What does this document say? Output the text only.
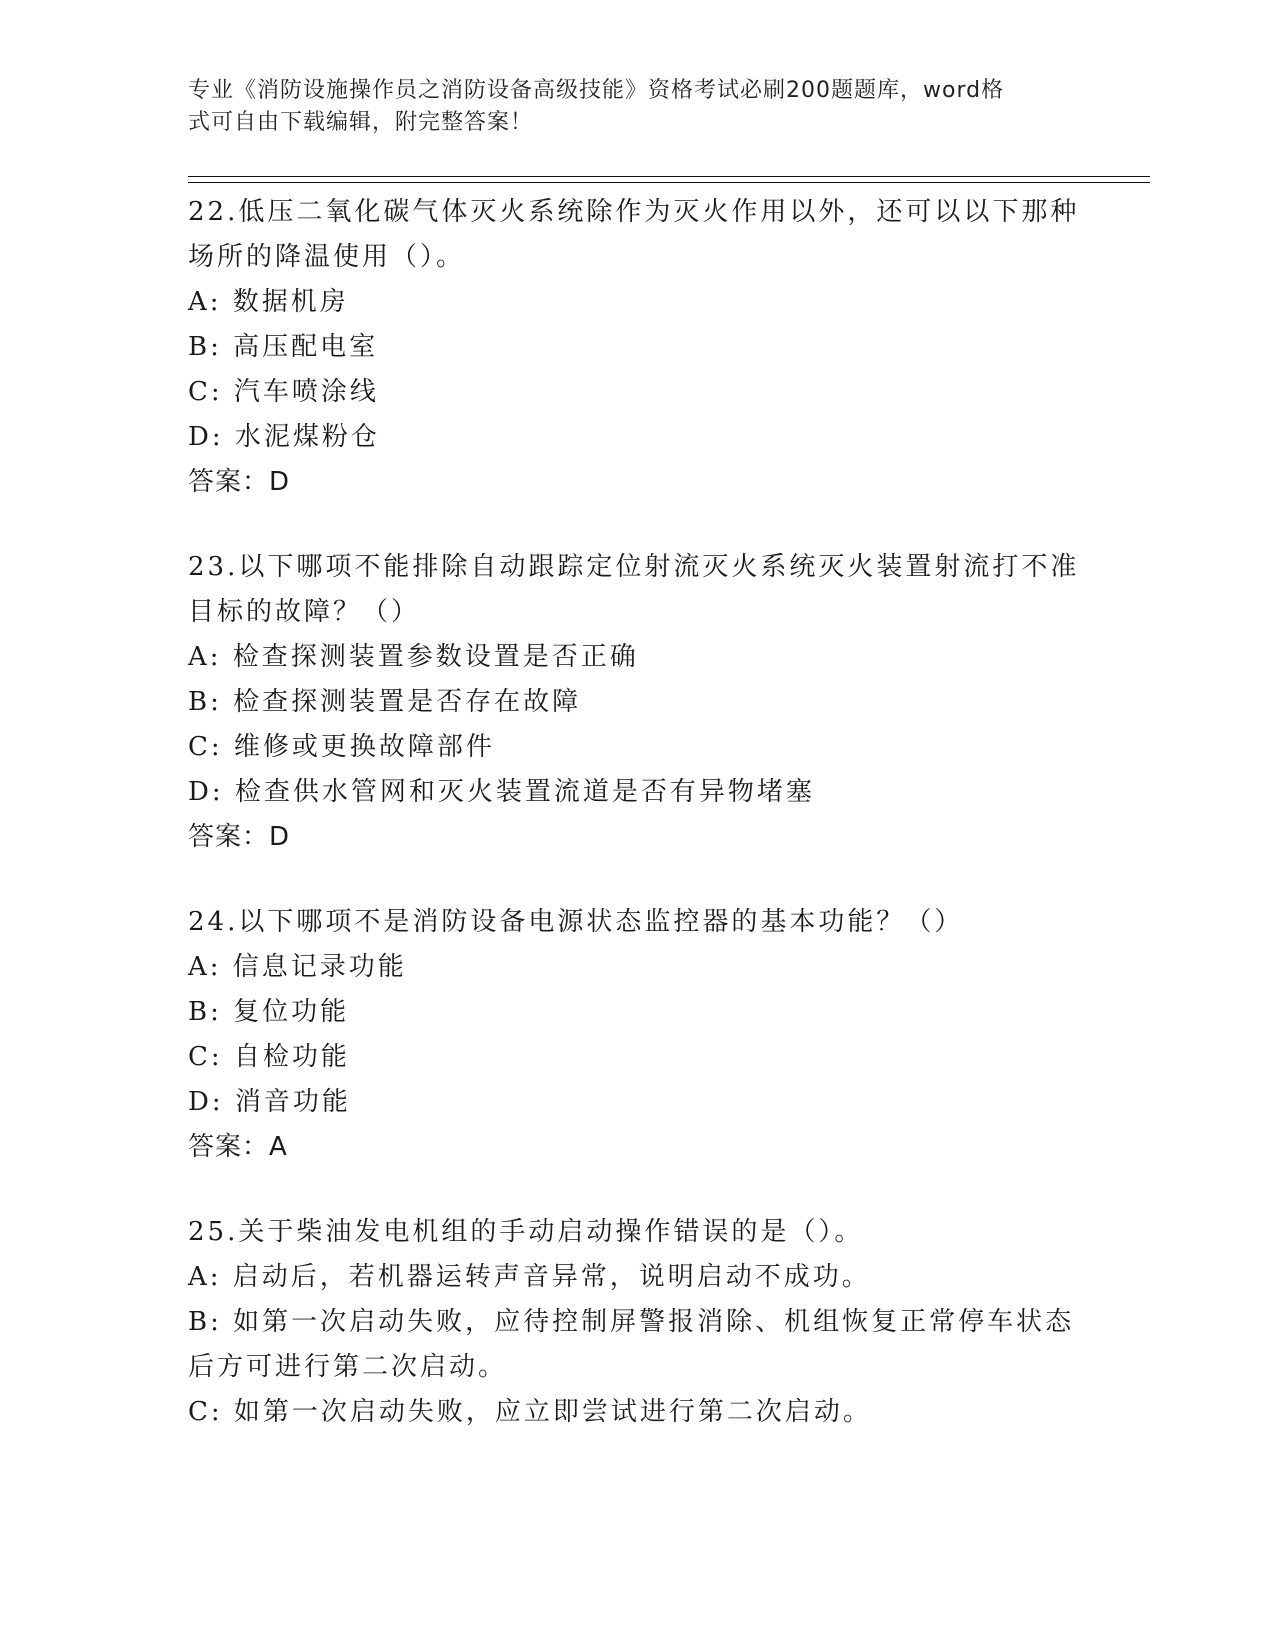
专业《消防设施操作员之消防设备高级技能》资格考试必刷200题题库，word格
式可自由下载编辑，附完整答案！

22.低压二氧化碳气体灭火系统除作为灭火作用以外，还可以以下那种

场所的降温使用（）。

A: 数据机房

B: 高压配电室

C: 汽车喷涂线

D: 水泥煤粉仓

答案：D

23.以下哪项不能排除自动跟踪定位射流灭火系统灭火装置射流打不准

目标的故障？（）

A: 检查探测装置参数设置是否正确

B: 检查探测装置是否存在故障

C: 维修或更换故障部件

D: 检查供水管网和灭火装置流道是否有异物堵塞

答案：D

24.以下哪项不是消防设备电源状态监控器的基本功能？（）

A: 信息记录功能

B: 复位功能

C: 自检功能

D: 消音功能

答案：A

25.关于柴油发电机组的手动启动操作错误的是（）。

A: 启动后，若机器运转声音异常，说明启动不成功。

B: 如第一次启动失败，应待控制屏警报消除、机组恢复正常停车状态

后方可进行第二次启动。

C: 如第一次启动失败，应立即尝试进行第二次启动。
